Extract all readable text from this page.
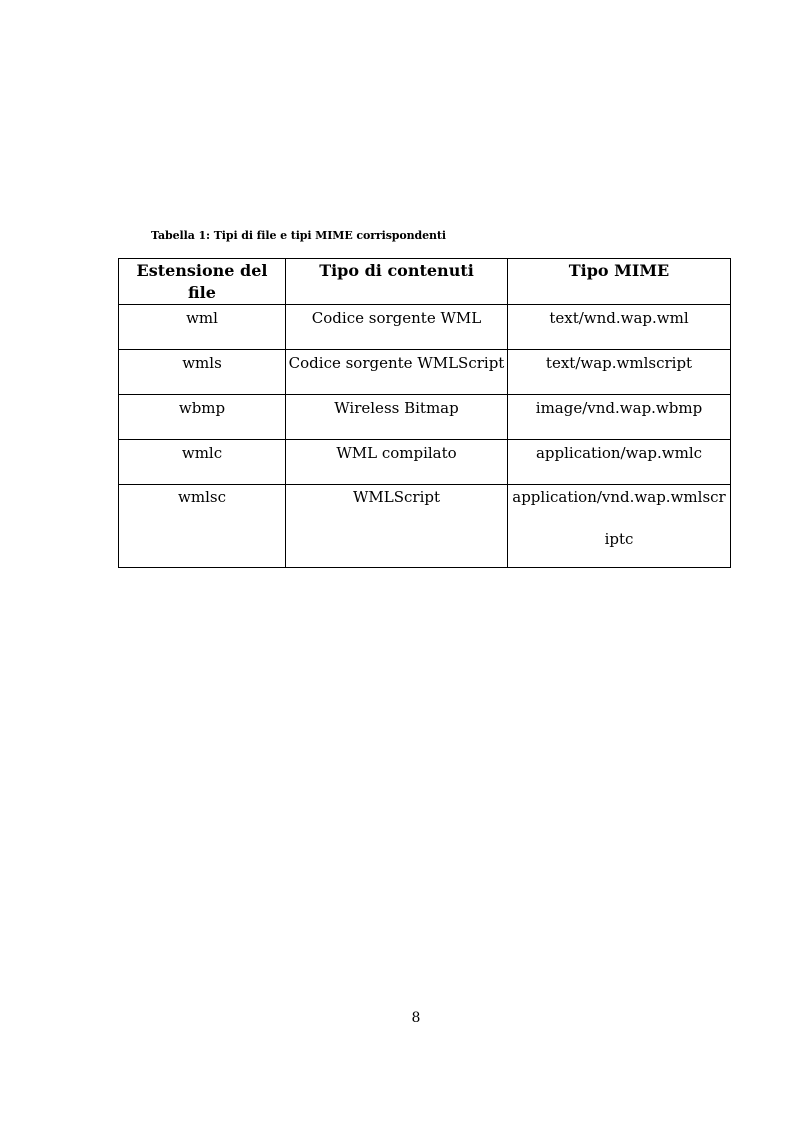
Tabella 1: Tipi di file e tipi MIME corrispondenti
Estensione del file	Tipo di contenuti	Tipo MIME
wml	Codice sorgente WML	text/wnd.wap.wml
wmls	Codice sorgente WMLScript	text/wap.wmlscript
wbmp	Wireless Bitmap	image/vnd.wap.wbmp
wmlc	WML compilato	application/wap.wmlc

wmlsc	WMLScript	application/vnd.wap.wmlscriptc
8
